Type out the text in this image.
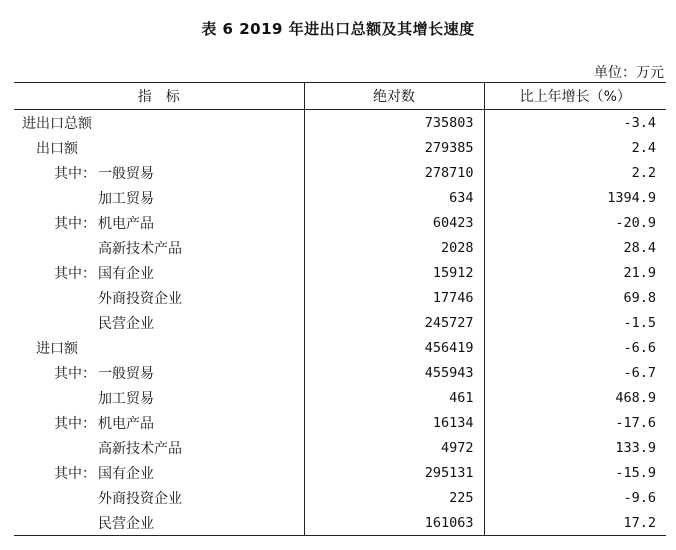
表 6 2019 年进出口总额及其增长速度
单位：万元
指　标	绝对数	比上年增长（%）
进出口总额	735803	-3.4
出口额	279385	2.4
其中： 一般贸易	278710	2.2
加工贸易	634	1394.9
其中： 机电产品	60423	-20.9
高新技术产品	2028	28.4
其中： 国有企业	15912	21.9
外商投资企业	17746	69.8
民营企业	245727	-1.5
进口额	456419	-6.6
其中： 一般贸易	455943	-6.7
加工贸易	461	468.9
其中： 机电产品	16134	-17.6
高新技术产品	4972	133.9
其中： 国有企业	295131	-15.9
外商投资企业	225	-9.6
民营企业	161063	17.2
